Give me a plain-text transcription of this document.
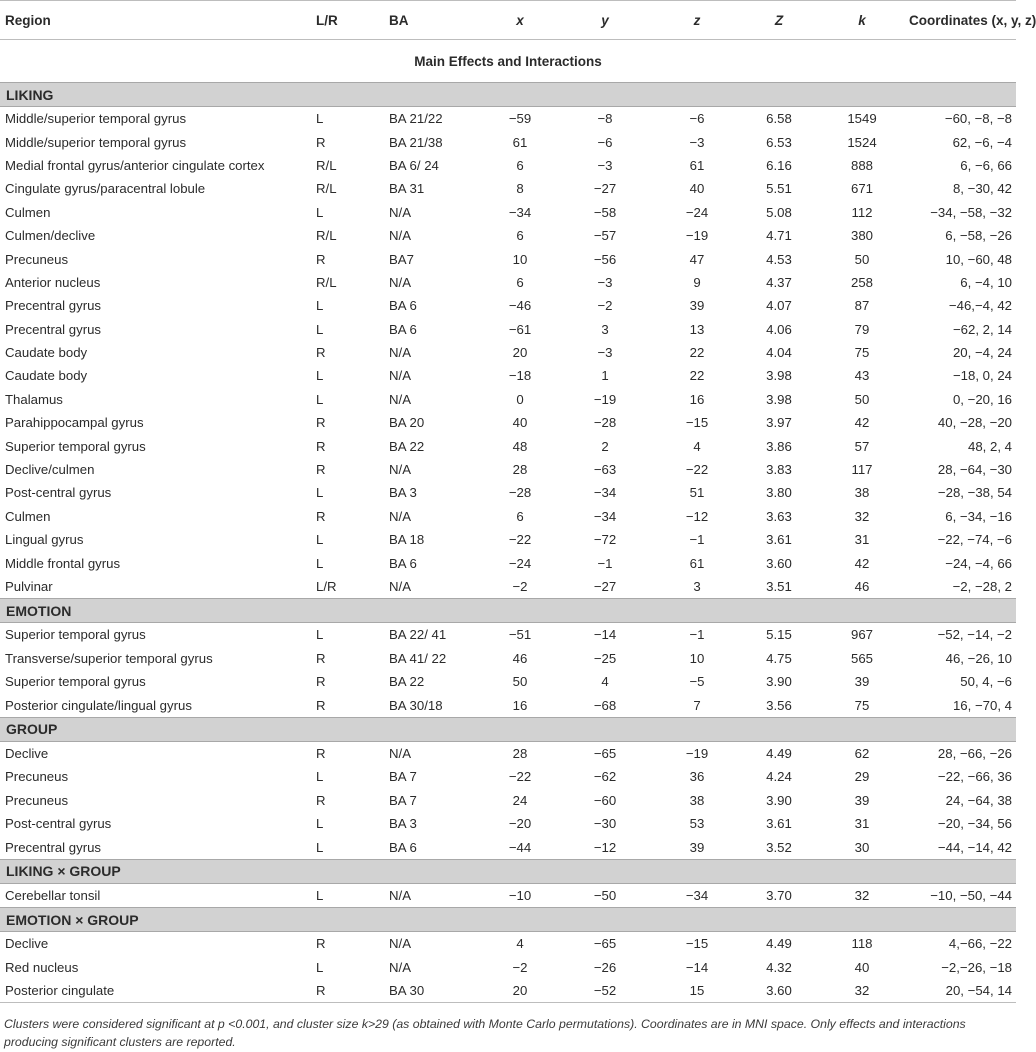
Region	L/R	BA	x	y	z	Z	k	Coordinates (x, y, z)
Main Effects and Interactions								
LIKING								
Middle/superior temporal gyrus	L	BA 21/22	−59	−8	−6	6.58	1549	−60, −8, −8
Middle/superior temporal gyrus	R	BA 21/38	61	−6	−3	6.53	1524	62, −6, −4
Medial frontal gyrus/anterior cingulate cortex	R/L	BA 6/ 24	6	−3	61	6.16	888	6, −6, 66
Cingulate gyrus/paracentral lobule	R/L	BA 31	8	−27	40	5.51	671	8, −30, 42
Culmen	L	N/A	−34	−58	−24	5.08	112	−34, −58, −32
Culmen/declive	R/L	N/A	6	−57	−19	4.71	380	6, −58, −26
Precuneus	R	BA7	10	−56	47	4.53	50	10, −60, 48
Anterior nucleus	R/L	N/A	6	−3	9	4.37	258	6, −4, 10
Precentral gyrus	L	BA 6	−46	−2	39	4.07	87	−46,−4, 42
Precentral gyrus	L	BA 6	−61	3	13	4.06	79	−62, 2, 14
Caudate body	R	N/A	20	−3	22	4.04	75	20, −4, 24
Caudate body	L	N/A	−18	1	22	3.98	43	−18, 0, 24
Thalamus	L	N/A	0	−19	16	3.98	50	0, −20, 16
Parahippocampal gyrus	R	BA 20	40	−28	−15	3.97	42	40, −28, −20
Superior temporal gyrus	R	BA 22	48	2	4	3.86	57	48, 2, 4
Declive/culmen	R	N/A	28	−63	−22	3.83	117	28, −64, −30
Post-central gyrus	L	BA 3	−28	−34	51	3.80	38	−28, −38, 54
Culmen	R	N/A	6	−34	−12	3.63	32	6, −34, −16
Lingual gyrus	L	BA 18	−22	−72	−1	3.61	31	−22, −74, −6
Middle frontal gyrus	L	BA 6	−24	−1	61	3.60	42	−24, −4, 66
Pulvinar	L/R	N/A	−2	−27	3	3.51	46	−2, −28, 2
EMOTION								
Superior temporal gyrus	L	BA 22/ 41	−51	−14	−1	5.15	967	−52, −14, −2
Transverse/superior temporal gyrus	R	BA 41/ 22	46	−25	10	4.75	565	46, −26, 10
Superior temporal gyrus	R	BA 22	50	4	−5	3.90	39	50, 4, −6
Posterior cingulate/lingual gyrus	R	BA 30/18	16	−68	7	3.56	75	16, −70, 4
GROUP								
Declive	R	N/A	28	−65	−19	4.49	62	28, −66, −26
Precuneus	L	BA 7	−22	−62	36	4.24	29	−22, −66, 36
Precuneus	R	BA 7	24	−60	38	3.90	39	24, −64, 38
Post-central gyrus	L	BA 3	−20	−30	53	3.61	31	−20, −34, 56
Precentral gyrus	L	BA 6	−44	−12	39	3.52	30	−44, −14, 42
LIKING × GROUP								
Cerebellar tonsil	L	N/A	−10	−50	−34	3.70	32	−10, −50, −44
EMOTION × GROUP								
Declive	R	N/A	4	−65	−15	4.49	118	4,−66, −22
Red nucleus	L	N/A	−2	−26	−14	4.32	40	−2,−26, −18
Posterior cingulate	R	BA 30	20	−52	15	3.60	32	20, −54, 14
Clusters were considered significant at p <0.001, and cluster size k>29 (as obtained with Monte Carlo permutations). Coordinates are in MNI space. Only effects and interactions producing significant clusters are reported.
